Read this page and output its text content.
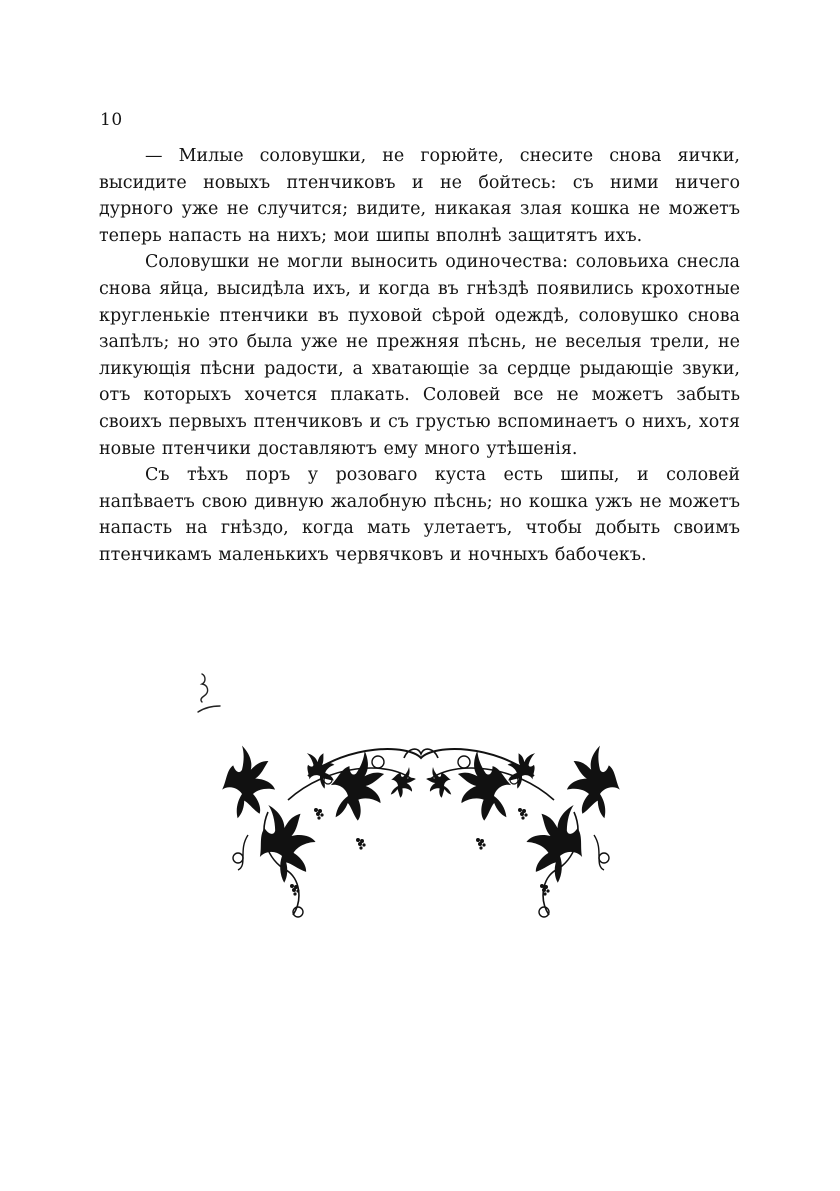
10

— Милые соловушки, не горюйте, снесите снова яички, высидите новыхъ птенчиковъ и не бойтесь: съ ними ничего дурного уже не случится; видите, никакая злая кошка не можетъ теперь напасть на нихъ; мои шипы вполнѣ защитятъ ихъ.

Соловушки не могли выносить одиночества: соловьиха снесла снова яйца, высидѣла ихъ, и когда въ гнѣздѣ появились крохотные кругленькіе птенчики въ пуховой сѣрой одеждѣ, соловушко снова запѣлъ; но это была уже не прежняя пѣснь, не веселыя трели, не ликующія пѣсни радости, а хватающіе за сердце рыдающіе звуки, отъ которыхъ хочется плакать. Соловей все не можетъ забыть своихъ первыхъ птенчиковъ и съ грустью вспоминаетъ о нихъ, хотя новые птенчики доставляютъ ему много утѣшенія.

Съ тѣхъ поръ у розоваго куста есть шипы, и соловей напѣваетъ свою дивную жалобную пѣснь; но кошка ужъ не можетъ напасть на гнѣздо, когда мать улетаетъ, чтобы добыть своимъ птенчикамъ маленькихъ червячковъ и ночныхъ бабочекъ.
